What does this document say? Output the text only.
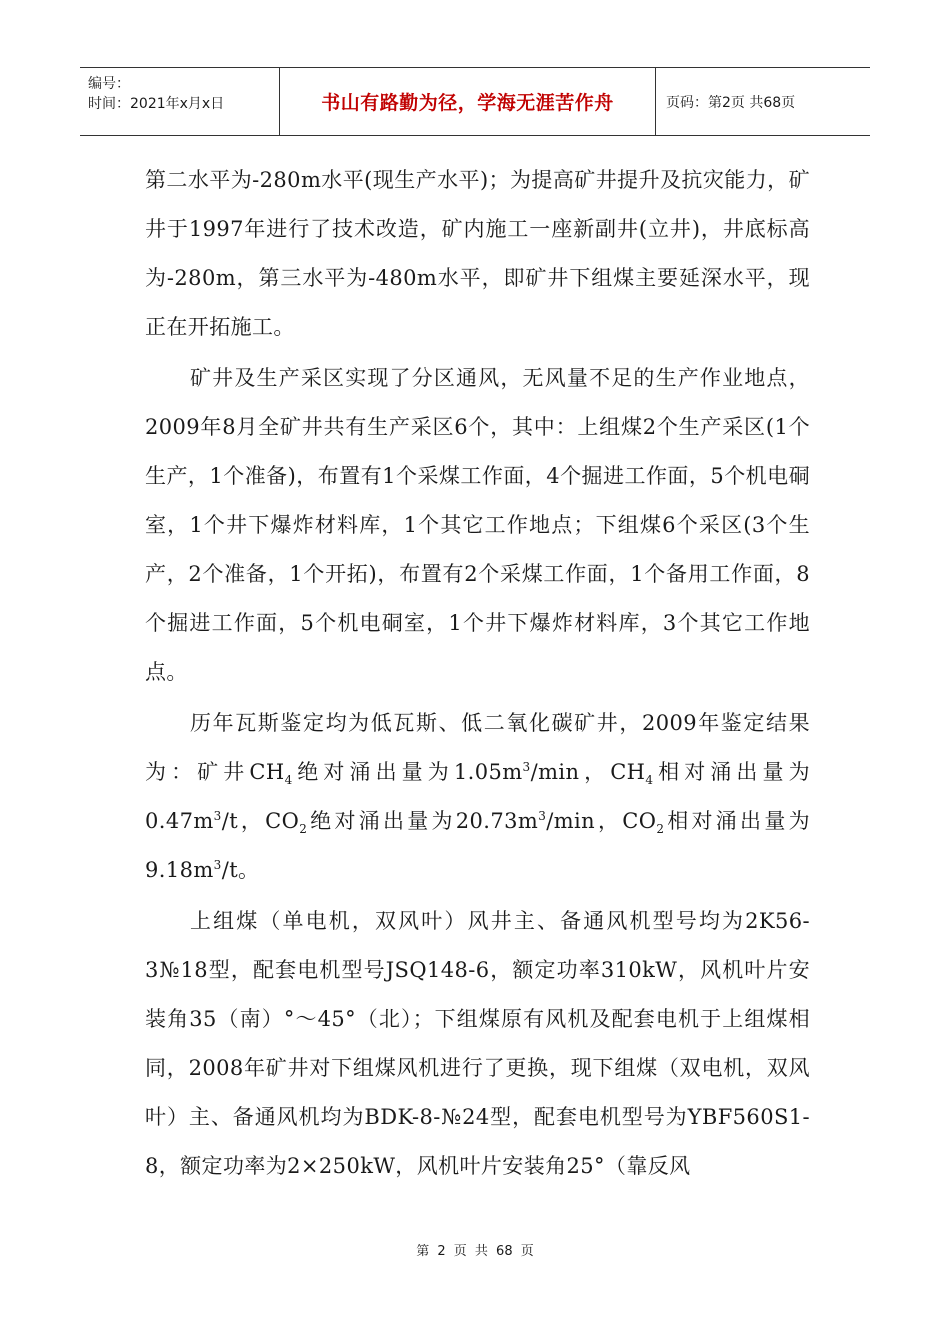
编号：
时间：2021年x月x日	书山有路勤为径，学海无涯苦作舟	页码：第2页 共68页

第二水平为-280m水平(现生产水平)；为提高矿井提升及抗灾能力，矿井于1997年进行了技术改造，矿内施工一座新副井(立井)，井底标高为-280m，第三水平为-480m水平，即矿井下组煤主要延深水平，现正在开拓施工。

矿井及生产采区实现了分区通风，无风量不足的生产作业地点，2009年8月全矿井共有生产采区6个，其中：上组煤2个生产采区(1个生产，1个准备)，布置有1个采煤工作面，4个掘进工作面，5个机电硐室，1个井下爆炸材料库，1个其它工作地点；下组煤6个采区(3个生产，2个准备，1个开拓)，布置有2个采煤工作面，1个备用工作面，8个掘进工作面，5个机电硐室，1个井下爆炸材料库，3个其它工作地点。

历年瓦斯鉴定均为低瓦斯、低二氧化碳矿井，2009年鉴定结果为：矿井$CH_4$绝对涌出量为$1.05m^3/\min$，$CH_4$相对涌出量为$0.47m^3/t$，$CO_2$绝对涌出量为$20.73m^3/\min$，$CO_2$相对涌出量为$9.18m^3/t$。

上组煤（单电机，双风叶）风井主、备通风机型号均为2K56-3№18型，配套电机型号JSQ148-6，额定功率310kW，风机叶片安装角35（南）°～45°（北）；下组煤原有风机及配套电机于上组煤相同，2008年矿井对下组煤风机进行了更换，现下组煤（双电机，双风叶）主、备通风机均为BDK-8-№24型，配套电机型号为YBF560S1-8，额定功率为2×250kW，风机叶片安装角25°（靠反风

第 2 页 共 68 页
